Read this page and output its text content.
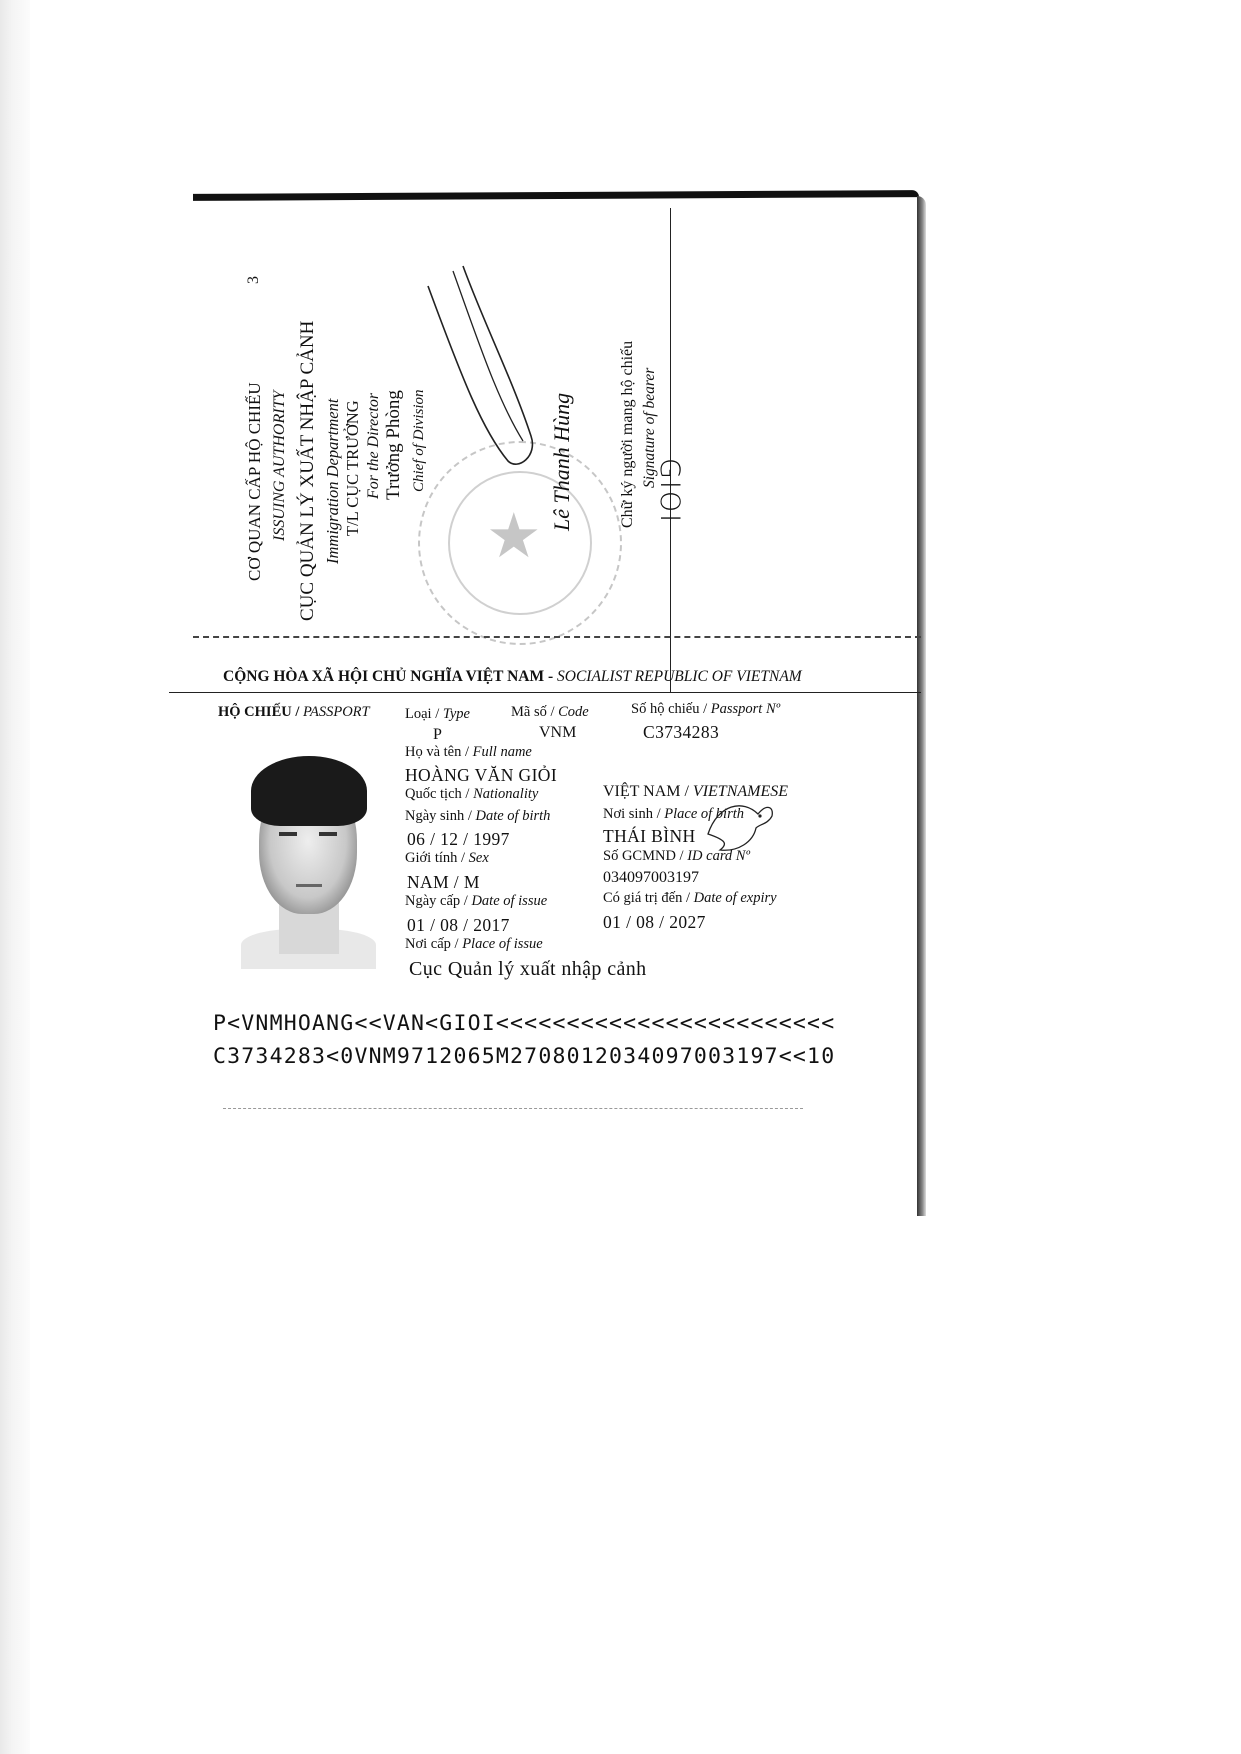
3
CƠ QUAN CẤP HỘ CHIẾU ISSUING AUTHORITY CỤC QUẢN LÝ XUẤT NHẬP CẢNH Immigration Department T/L CỤC TRƯỞNG For the Director Trưởng Phòng Chief of Division
★
Lê Thanh Hùng	Chữ ký người mang hộ chiếu Signature of bearer
GIOI
CỘNG HÒA XÃ HỘI CHỦ NGHĨA VIỆT NAM - SOCIALIST REPUBLIC OF VIETNAM
HỘ CHIẾU / PASSPORT Loại / Type	Mã số / Code	Số hộ chiếu / Passport Nº
P	VNM	C3734283
Họ và tên / Full name
HOÀNG VĂN GIỎI
Quốc tịch / Nationality	VIỆT NAM / VIETNAMESE
Ngày sinh / Date of birth	Nơi sinh / Place of birth
06 / 12 / 1997	THÁI BÌNH
Giới tính / Sex	Số GCMND / ID card Nº
NAM / M	034097003197
Ngày cấp / Date of issue	Có giá trị đến / Date of expiry
01 / 08 / 2017	01 / 08 / 2027
Nơi cấp / Place of issue
Cục Quản lý xuất nhập cảnh
P<VNMHOANG<<VAN<GIOI<<<<<<<<<<<<<<<<<<<<<<<<
C3734283<0VNM9712065M2708012034097003197<<10
